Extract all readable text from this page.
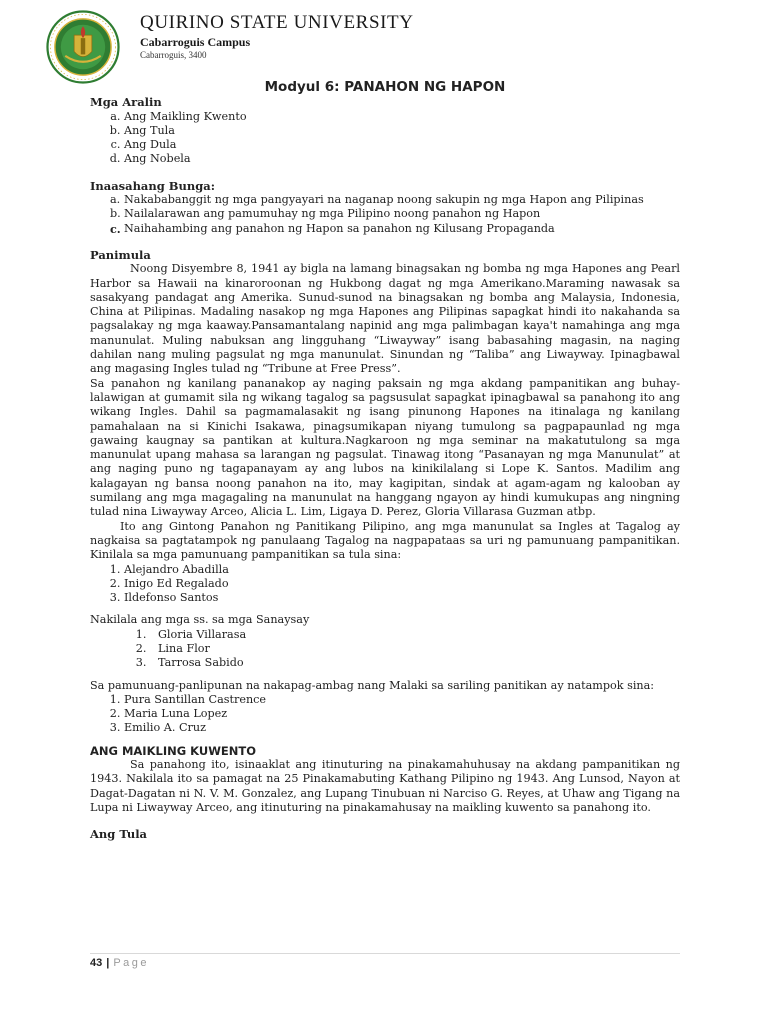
QUIRINO STATE UNIVERSITY
Cabarroguis Campus
Cabarroguis, 3400
Modyul 6: PANAHON NG HAPON
Mga Aralin
a. Ang Maikling Kwento
b. Ang Tula
c. Ang Dula
d. Ang Nobela
Inaasahang Bunga:
a. Nakababanggit ng mga pangyayari na naganap noong sakupin ng mga Hapon ang Pilipinas
b. Nailalarawan ang pamumuhay ng mga Pilipino noong panahon ng Hapon
c. Naihahambing ang panahon ng Hapon sa panahon ng Kilusang Propaganda
Panimula

Noong Disyembre 8, 1941 ay bigla na lamang binagsakan ng bomba ng mga Hapones ang Pearl Harbor sa Hawaii na kinaroroonan ng Hukbong dagat ng mga Amerikano.Maraming nawasak sa sasakyang pandagat ang Amerika. Sunud-sunod na binagsakan ng bomba ang Malaysia, Indonesia, China at Pilipinas. Madaling nasakop ng mga Hapones ang Pilipinas sapagkat hindi ito nakahanda sa pagsalakay ng mga kaaway.Pansamantalang napinid ang mga palimbagan kaya't namahinga ang mga manunulat. Muling nabuksan ang lingguhang “Liwayway” isang babasahing magasin, na naging dahilan nang muling pagsulat ng mga manunulat. Sinundan ng “Taliba” ang Liwayway. Ipinagbawal ang magasing Ingles tulad ng “Tribune at Free Press”.

Sa panahon ng kanilang pananakop ay naging paksain ng mga akdang pampanitikan ang buhay-lalawigan at gumamit sila ng wikang tagalog sa pagsusulat sapagkat ipinagbawal sa panahong ito ang wikang Ingles. Dahil sa pagmamalasakit ng isang pinunong Hapones na itinalaga ng kanilang pamahalaan na si Kinichi Isakawa, pinagsumikapan niyang tumulong sa pagpapaunlad ng mga gawaing kaugnay sa pantikan at kultura.Nagkaroon ng mga seminar na makatutulong sa mga manunulat upang mahasa sa larangan ng pagsulat. Tinawag itong “Pasanayan ng mga Manunulat” at ang naging puno ng tagapanayam ay ang lubos na kinikilalang si Lope K. Santos. Madilim ang kalagayan ng bansa noong panahon na ito, may kagipitan, sindak at agam-agam ng kalooban ay sumilang ang mga magagaling na manunulat na hanggang ngayon ay hindi kumukupas ang ningning tulad nina Liwayway Arceo, Alicia L. Lim, Ligaya D. Perez, Gloria Villarasa Guzman atbp.

Ito ang Gintong Panahon ng Panitikang Pilipino, ang mga manunulat sa Ingles at Tagalog ay nagkaisa sa pagtatampok ng panulaang Tagalog na nagpapataas sa uri ng pamunuang pampanitikan. Kinilala sa mga pamunuang pampanitikan sa tula sina:

1. Alejandro Abadilla
2. Inigo Ed Regalado
3. Ildefonso Santos

Nakilala ang mga ss. sa mga Sanaysay

1. Gloria Villarasa
2. Lina Flor
3. Tarrosa Sabido

Sa pamunuang-panlipunan na nakapag-ambag nang Malaki sa sariling panitikan ay natampok sina:

1. Pura Santillan Castrence
2. Maria Luna Lopez
3. Emilio A. Cruz
ANG MAIKLING KUWENTO

Sa panahong ito, isinaaklat ang itinuturing na pinakamahuhusay na akdang pampanitikan ng 1943. Nakilala ito sa pamagat na 25 Pinakamabuting Kathang Pilipino ng 1943. Ang Lunsod, Nayon at Dagat-Dagatan ni N. V. M. Gonzalez, ang Lupang Tinubuan ni Narciso G. Reyes, at Uhaw ang Tigang na Lupa ni Liwayway Arceo, ang itinuturing na pinakamahusay na maikling kuwento sa panahong ito.

Ang Tula
43 | Page
